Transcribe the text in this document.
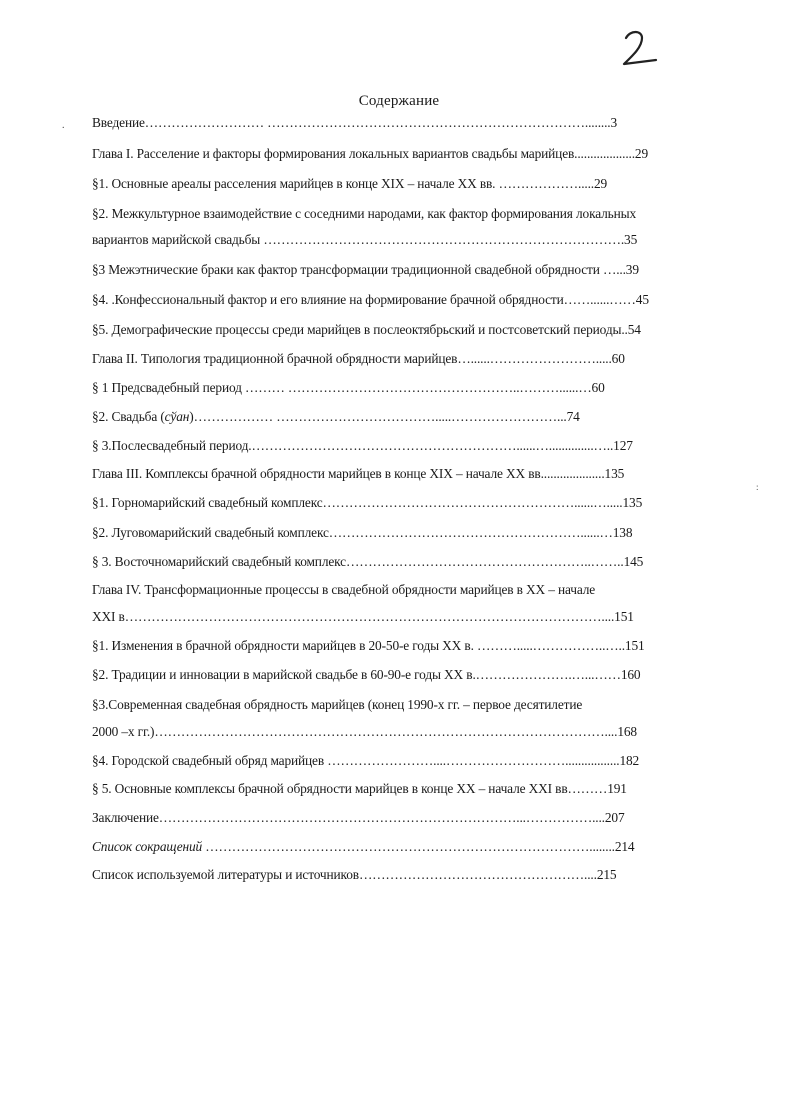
.
:
Содержание
Введение……………………… ………………………………………………………………........3
Глава I. Расселение и факторы формирования локальных вариантов свадьбы марийцев...................29
§1. Основные ареалы расселения марийцев в конце XIX – начале XX вв. ……………….....29
§2. Межкультурное взаимодействие с соседними народами, как фактор формирования локальных
вариантов марийской свадьбы ……………………………………………………………………….35
§3 Межэтнические браки как фактор трансформации традиционной свадебной обрядности …...39
§4. .Конфессиональный фактор и его влияние на формирование брачной обрядности……......……45
§5. Демографические процессы среди марийцев в послеоктябрьский и постсоветский периоды..54
Глава II. Типология традиционной брачной обрядности марийцев…......…………………….....60
§ 1 Предсвадебный период ……… ……………………………………………..………......…60
§2. Свадьба (сўан)……………… ……………………………….....……………………...74
§ 3.Послесвадебный период.……………………………………………………......…..............…..127
Глава III. Комплексы брачной обрядности марийцев в конце XIX – начале XX вв....................135
§1. Горномарийский свадебный комплекс…………………………………………………......….....135
§2. Луговомарийский свадебный комплекс…………………………………………………......…138
§ 3. Восточномарийский свадебный комплекс………………………………………………..……..145
Глава IV. Трансформационные процессы в свадебной обрядности марийцев в XX – начале
XXI в………………………………………………………………………………………………....151
§1. Изменения в брачной обрядности марийцев в 20-50-е годы XX в. ……….....……………..…..151
§2. Традиции и инновации в марийской свадьбе в 60-90-е годы XX в.………………….…...……160
§3.Современная свадебная обрядность марийцев (конец 1990-х гг. – первое десятилетие
2000 –х гг.)…………………………………………………………………………………………....168
§4. Городской свадебный обряд марийцев ……………………....……………………….................182
§ 5. Основные комплексы брачной обрядности марийцев в конце XX – начале XXI вв………191
Заключение………………………………………………………………………...……………....207
Список сокращений ……………………………………………………………………………........214
Список используемой литературы и источников……………………………………………....215
